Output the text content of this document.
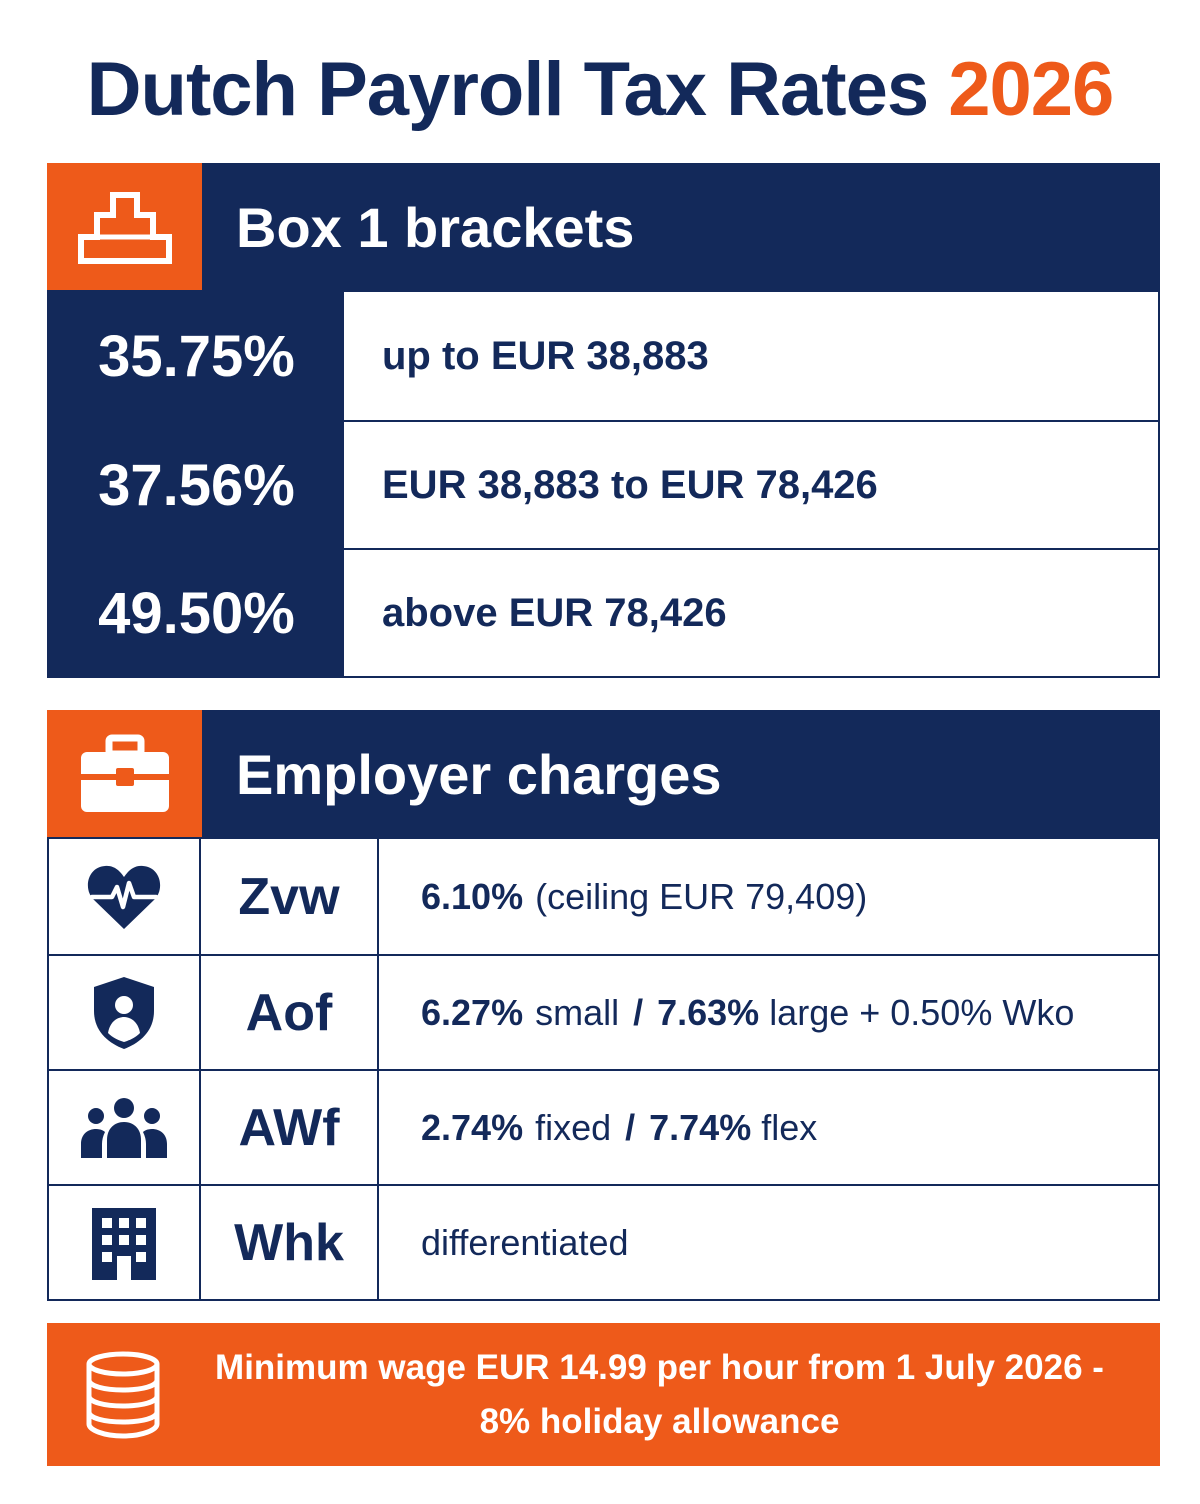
Dutch Payroll Tax Rates 2026
Box 1 brackets
35.75%	up to EUR 38,883
37.56%	EUR 38,883 to EUR 78,426
49.50%	above EUR 78,426
Employer charges
Zvw	6.10% (ceiling EUR 79,409)
Aof	6.27% small / 7.63% large + 0.50% Wko
AWf	2.74% fixed / 7.74% flex
Whk	differentiated
Minimum wage EUR 14.99 per hour from 1 July 2026 -
8% holiday allowance
